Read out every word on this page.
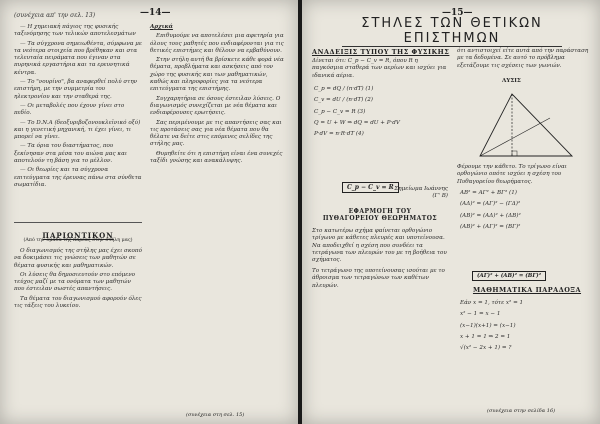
(συνέχεια απ' την σελ. 13)	—14—

— Η χημειακή πάγιος της φυσικής ταξινόμησης των τελικών αποτελεσμάτων

— Τα σύγχρονα σημειωθέντα, σύμφωνα με τα νεότερα στοιχεία που βρέθηκαν και στα τελευταία πειράματα που έγιναν στα πυρηνικά εργαστήρια και τα ερευνητικά κέντρα.

— Το "νουρίνο", βα αναφερθεί πολύ στην επιστήμη, με την συμμετρία του ηλεκτρονίου και την σταθερά της.

— Οι μεταβολές που έχουν γίνει στο πεδίο.

— Το D.N.A (δεοξυριβοζονουκλεϊνικό οξύ) και η γενετική μηχανική, τι έχει γίνει, τι μπορεί να γίνει.

— Τα όρια του διαστήματος, που ξεκίνησαν στα μέσα του αιώνα μας και αποτελούν τη βάση για το μέλλον.

— Οι θεωρίες και τα σύγχρονα επιτεύγματα της έρευνας πάνω στα σύνθετα σωματίδια.

ΠΑΡΙΩΝΤΙΚΟΝ
(Από την ομάδα της παρέας στην στήλη μας)

Ο διαγωνισμός της στήλης μας έχει σκοπό να δοκιμάσει τις γνώσεις των μαθητών σε θέματα φυσικής και μαθηματικών.

Οι λύσεις θα δημοσιευτούν στο επόμενο τεύχος μαζί με τα ονόματα των μαθητών που έστειλαν σωστές απαντήσεις.

Τα θέματα του διαγωνισμού αφορούν όλες τις τάξεις του λυκείου.

Αρχικά

Επιθυμούμε να αποτελέσει μια αφετηρία για όλους τους μαθητές που ενδιαφέρονται για τις θετικές επιστήμες και θέλουν να εμβαθύνουν.

Στην στήλη αυτή θα βρίσκετε κάθε φορά νέα θέματα, προβλήματα και ασκήσεις από τον χώρο της φυσικής και των μαθηματικών, καθώς και πληροφορίες για τα νεότερα επιτεύγματα της επιστήμης.

Συγχαρητήρια σε όσους έστειλαν λύσεις. Ο διαγωνισμός συνεχίζεται με νέα θέματα και ενδιαφέρουσες ερωτήσεις.

Σας περιμένουμε με τις απαντήσεις σας και τις προτάσεις σας για νέα θέματα που θα θέλατε να δείτε στις επόμενες σελίδες της στήλης μας.

Θυμηθείτε ότι η επιστήμη είναι ένα συνεχές ταξίδι γνώσης και ανακάλυψης.

(συνέχεια στη σελ. 15)
—15—
ΣΤΗΛΕΣ ΤΩΝ ΘΕΤΙΚΩΝ ΕΠΙΣΤΗΜΩΝ
ΑΝΑΔΕΙΞΙΣ ΤΥΠΟΥ ΤΗΣ ΦΥΣΙΚΗΣ
Δίνεται ότι: C_p − C_v = R, όπου R η παγκόσμια σταθερά των αερίων και ισχύει για ιδανικά αέρια.
C_p = dQ / (n·dT) (1)
C_v = dU / (n·dT) (2)
C_p − C_v = R (3)
Q = U + W ⇒ dQ = dU + P·dV
P·dV = n·R·dT (4)
C_p − C_v = R Σημείωμα Ιωάννης
(Γ' Β)
ΕΦΑΡΜΟΓΗ ΤΟΥ ΠΥΘΑΓΟΡΕΙΟΥ ΘΕΩΡΗΜΑΤΟΣ
Στο κατωτέρω σχήμα φαίνεται ορθογώνιο τρίγωνο με κάθετες πλευρές και υποτείνουσα. Να αποδειχθεί η σχέση που συνδέει τα τετράγωνα των πλευρών του με τη βοήθεια του σχήματος.
Το τετράγωνο της υποτείνουσας ισούται με το άθροισμα των τετραγώνων των καθέτων πλευρών.
ότι αντιστοιχεί είτε αυτά από την παράσταση με τα δεδομένα. Σε αυτό το πρόβλημα εξετάζουμε τις σχέσεις των γωνιών.
ΛΥΣΙΣ
Φέρουμε την κάθετο. Το τρίγωνο είναι ορθογώνιο οπότε ισχύει η σχέση του Πυθαγορείου θεωρήματος.
ΑΒ² = ΑΓ² + ΒΓ² (1)
(ΑΔ)² = (ΑΓ)² − (ΓΔ)²
(ΑΒ)² = (ΑΔ)² + (ΔΒ)²
(ΑΒ)² + (ΑΓ)² = (ΒΓ)²
(ΑΓ)² + (ΑΒ)² = (ΒΓ)²
ΜΑΘΗΜΑΤΙΚΑ ΠΑΡΑΔΟΞΑ
Εάν x = 1, τότε x² = 1
x² − 1 = x − 1
(x−1)(x+1) = (x−1)
x + 1 = 1 ⇒ 2 = 1
√(x² − 2x + 1) = ?
(συνέχεια στην σελίδα 16)
